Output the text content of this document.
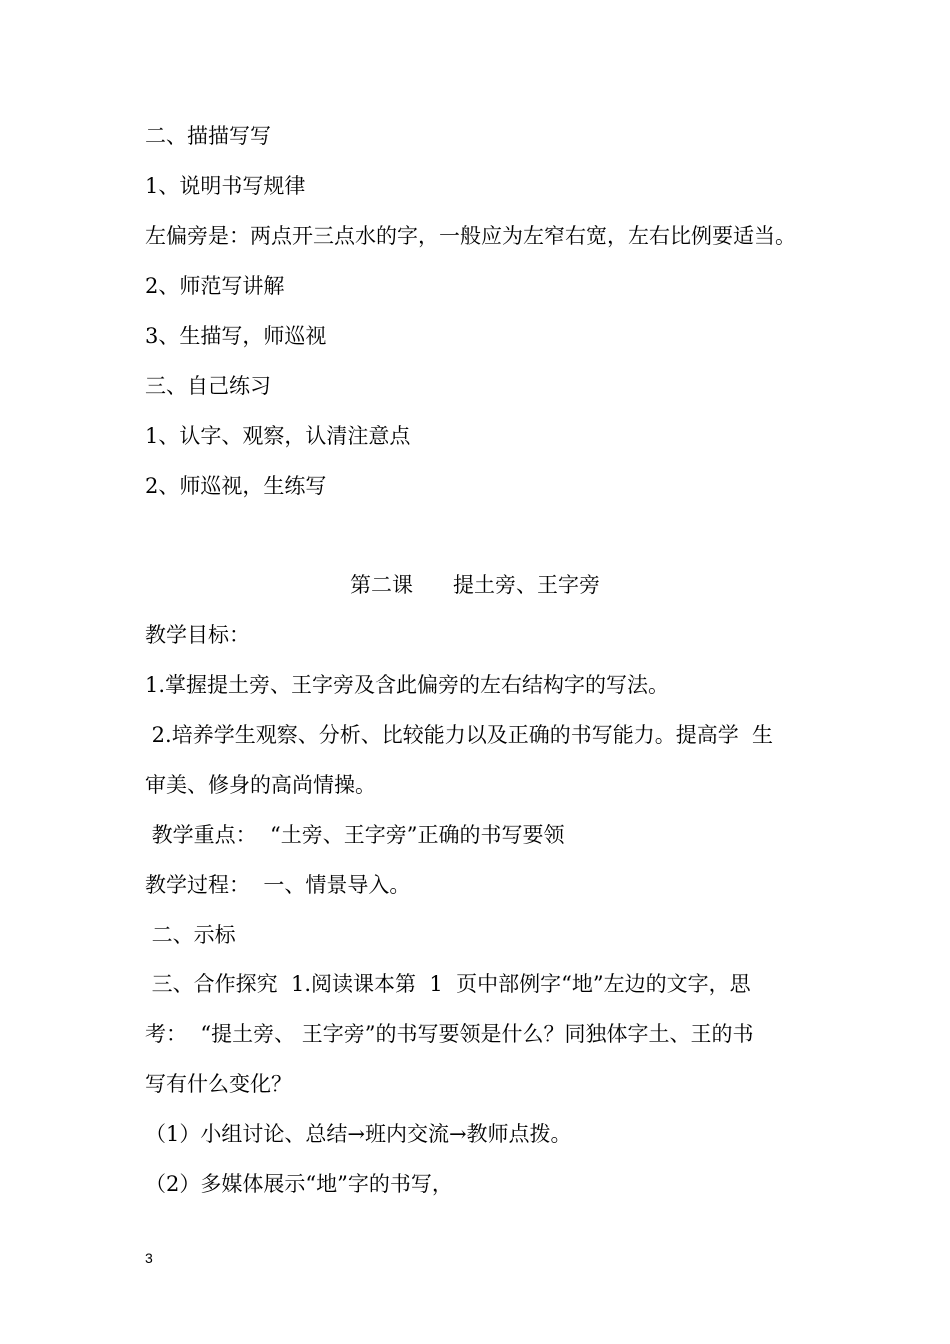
二、描描写写

1、说明书写规律

左偏旁是：两点开三点水的字，一般应为左窄右宽，左右比例要适当。

2、师范写讲解

3、生描写，师巡视

三、自己练习

1、认字、观察，认清注意点

2、师巡视，生练写

第二课      提土旁、王字旁

教学目标：

1.掌握提土旁、王字旁及含此偏旁的左右结构字的写法。

2.培养学生观察、分析、比较能力以及正确的书写能力。提高学  生

审美、修身的高尚情操。

教学重点：  “土旁、王字旁”正确的书写要领

教学过程：  一、情景导入。

二、示标

三、合作探究  1.阅读课本第  1  页中部例字“地”左边的文字，思

考：  “提土旁、 王字旁”的书写要领是什么？同独体字土、王的书

写有什么变化？

（1）小组讨论、总结→班内交流→教师点拨。

（2）多媒体展示“地”字的书写，

3
